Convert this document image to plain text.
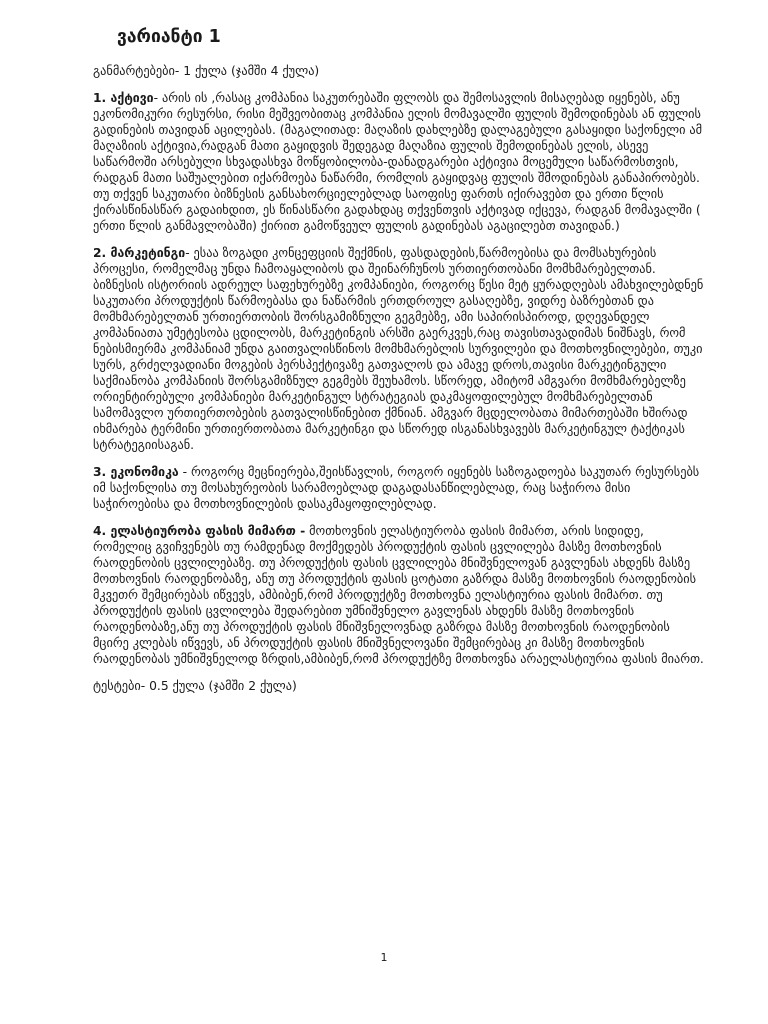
ვარიანტი 1

განმარტებები- 1 ქულა (ჯამში 4 ქულა)

1. აქტივი- არის ის ,რასაც კომპანია საკუთრებაში ფლობს და შემოსავლის მისაღებად იყენებს, ანუ ეკონომიკური რესურსი, რისი მეშვეობითაც კომპანია ელის მომავალში ფულის შემოდინებას ან ფულის გადინების თავიდან აცილებას. (მაგალითად: მაღაზის დახლებზე დალაგებული გასაყიდი საქონელი ამ მაღაზიის აქტივია,რადგან მათი გაყიდვის შედეგად მაღაზია ფულის შემოდინებას ელის, ასევე საწარმოში არსებული სხვადასხვა მოწყობილობა-დანადგარები აქტივია მოცემული საწარმოსთვის, რადგან მათი საშუალებით იქარმოება ნაწარმი, რომლის გაყიდვაც ფულის შმოდინებას განაპირობებს. თუ თქვენ საკუთარი ბიზნესის განსახორციელებლად საოფისე ფართს იქირავებთ და ერთი წლის ქირასწინასწარ გადაიხდით, ეს წინასწარი გადახდაც თქვენთვის აქტივად იქცევა, რადგან მომავალში ( ერთი წლის განმავლობაში) ქირით გამოწვეულ ფულის გადინებას აგაცილებთ თავიდან.)

2. მარკეტინგი- ესაა ზოგადი კონცეფციის შექმნის, ფასდადების,წარმოებისა და მომსახურების პროცესი, რომელმაც უნდა ჩამოაყალიბოს და შეინარჩუნოს ურთიერთობანი მომხმარებელთან. ბიზნესის ისტორიის ადრეულ საფეხურებზე კომპანიები, როგორც წესი მეტ ყურადღებას ამახვილებდნენ საკუთარი პროდუქტის წარმოებასა და ნაწარმის ერთდროულ გასაღებზე, ვიდრე ბაზრებთან და მომხმარებელთან ურთიერთობის შორსგამიზნული გეგმებზე, ამი საპირისპიროდ, დღევანდელ კომპანიათა უმეტესობა ცდილობს, მარკეტინგის არსში გაერკვეს,რაც თავისთავადიმას ნიშნავს, რომ ნებისმიერმა კომპანიამ უნდა გაითვალისწინოს მომხმარებლის სურვილები და მოთხოვნილებები, თუკი სურს, გრძელვადიანი მოგების პერსპექტივაზე გათვალოს და ამავე დროს,თავისი მარკეტინგული საქმიანობა კომპანიის შორსგამიზნულ გეგმებს შეუხამოს. სწორედ, ამიტომ ამგვარი მომხმარებელზე ორიენტირებული კომპანიები მარკეტინგულ სტრატეგიას დაკმაყოფილებულ მომხმარებელთან სამომავლო ურთიერთობების გათვალისწინებით ქმნიან. ამგვარ მცდელობათა მიმართებაში ხშირად იხმარება ტერმინი ურთიერთობათა მარკეტინგი და სწორედ ისგანასხვავებს მარკეტინგულ ტაქტიკას სტრატეგიისაგან.

3. ეკონომიკა - როგორც მეცნიერება,შეისწავლის, როგორ იყენებს საზოგადოება საკუთარ რესურსებს იმ საქონლისა თუ მოსახურეობის სარამოებლად დაგადასანწილებლად, რაც საჭიროა მისი საჭიროებისა და მოთხოვნილების დასაკმაყოფილებლად.

4. ელასტიურობა ფასის მიმართ - მოთხოვნის ელასტიურობა ფასის მიმართ, არის სიდიდე, რომელიც გვიჩვენებს თუ რამდენად მოქმედებს პროდუქტის ფასის ცვლილება მასზე მოთხოვნის რაოდენობის ცვლილებაზე. თუ პროდუქტის ფასის ცვლილება მნიშვნელოვან გავლენას ახდენს მასზე მოთხოვნის რაოდენობაზე, ანუ თუ პროდუქტის ფასის ცოტათი გაზრდა მასზე მოთხოვნის რაოდენობის მკვეთრ შემცირებას იწვევს, ამბიბენ,რომ პროდუქტზე მოთხოვნა ელასტიურია ფასის მიმართ. თუ პროდუქტის ფასის ცვლილება შედარებით უმნიშვნელო გავლენას ახდენს მასზე მოთხოვნის რაოდენობაზე,ანუ თუ პროდუქტის ფასის მნიშვნელოვნად გაზრდა მასზე მოთხოვნის რაოდენობის მცირე კლებას იწვევს, ან პროდუქტის ფასის მნიშვნელოვანი შემცირებაც კი მასზე მოთხოვნის რაოდენობას უმნიშვნელოდ ზრდის,ამბიბენ,რომ პროდუქტზე მოთხოვნა არაელასტიურია ფასის მიართ.

ტესტები- 0.5 ქულა (ჯამში 2 ქულა)

1
